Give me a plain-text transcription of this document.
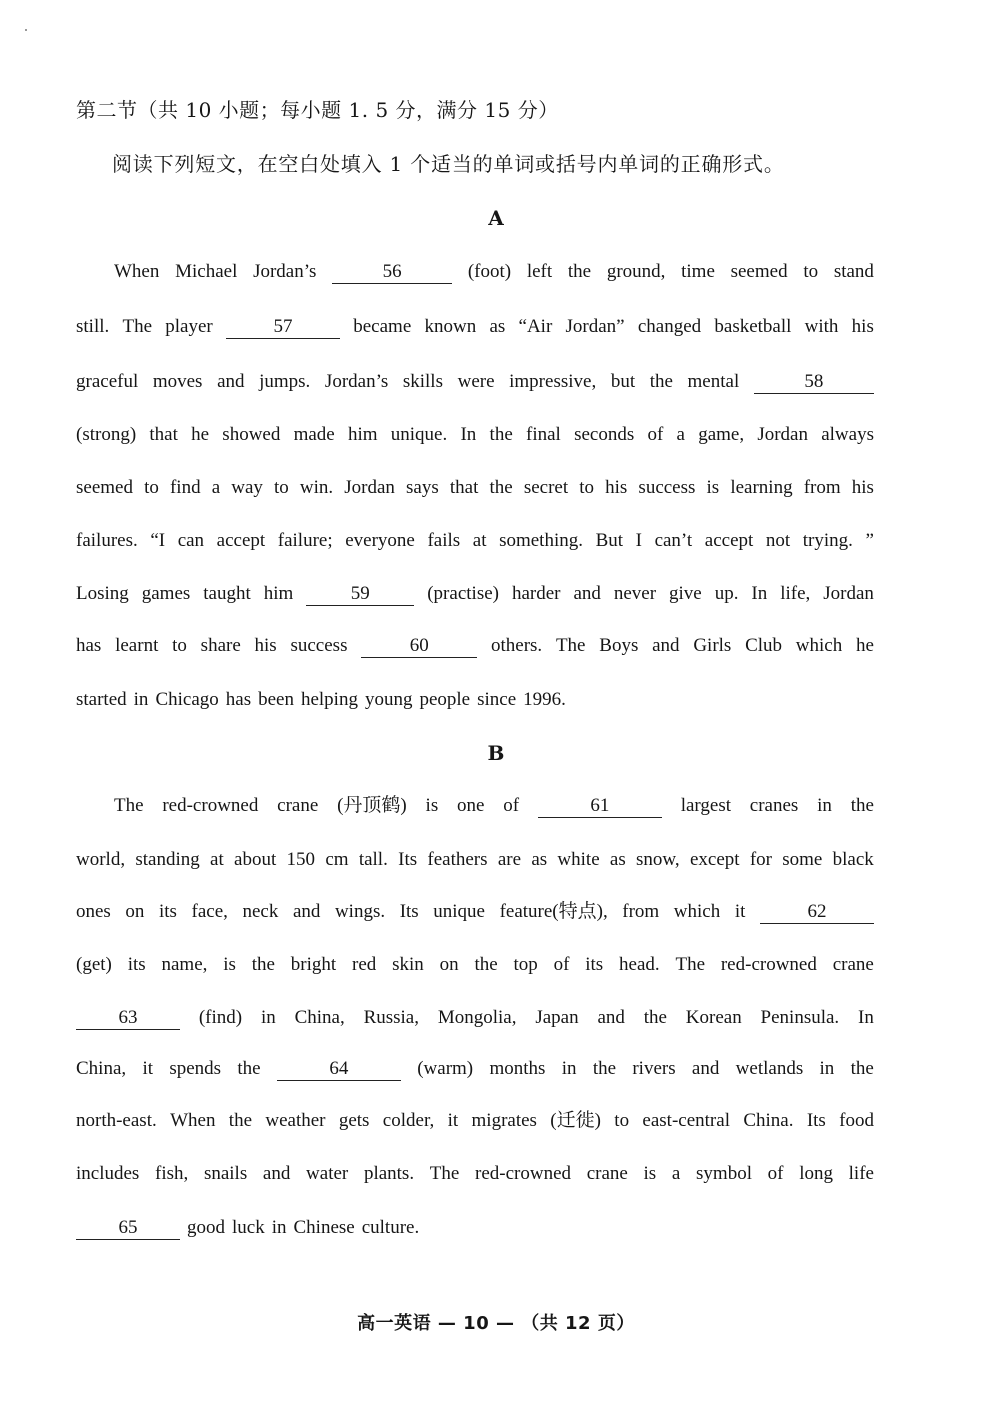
第二节（共 10 小题；每小题 1. 5 分，满分 15 分）
阅读下列短文，在空白处填入 1 个适当的单词或括号内单词的正确形式。
A
When Michael Jordan’s	56	(foot) left the ground, time seemed to stand
still. The player	57	became known as “Air Jordan” changed basketball with his
graceful moves and jumps. Jordan’s skills were impressive, but the mental	58
(strong) that he showed made him unique. In the final seconds of a game, Jordan always
seemed to find a way to win. Jordan says that the secret to his success is learning from his
failures. “I can accept failure; everyone fails at something. But I can’t accept not trying. ”
Losing games taught him	59	(practise) harder and never give up. In life, Jordan
has learnt to share his success	60	others. The Boys and Girls Club which he
started in Chicago has been helping young people since 1996.
B
The red-crowned crane (丹顶鹤) is one of	61	largest cranes in the
world, standing at about 150 cm tall. Its feathers are as white as snow, except for some black
ones on its face, neck and wings. Its unique feature(特点), from which it	62
(get) its name, is the bright red skin on the top of its head. The red-crowned crane
63	(find) in China, Russia, Mongolia, Japan and the Korean Peninsula. In
China, it spends the	64	(warm) months in the rivers and wetlands in the
north-east. When the weather gets colder, it migrates (迁徙) to east-central China. Its food
includes fish, snails and water plants. The red-crowned crane is a symbol of long life
65	good luck in Chinese culture.
高一英语 — 10 — （共 12 页）
